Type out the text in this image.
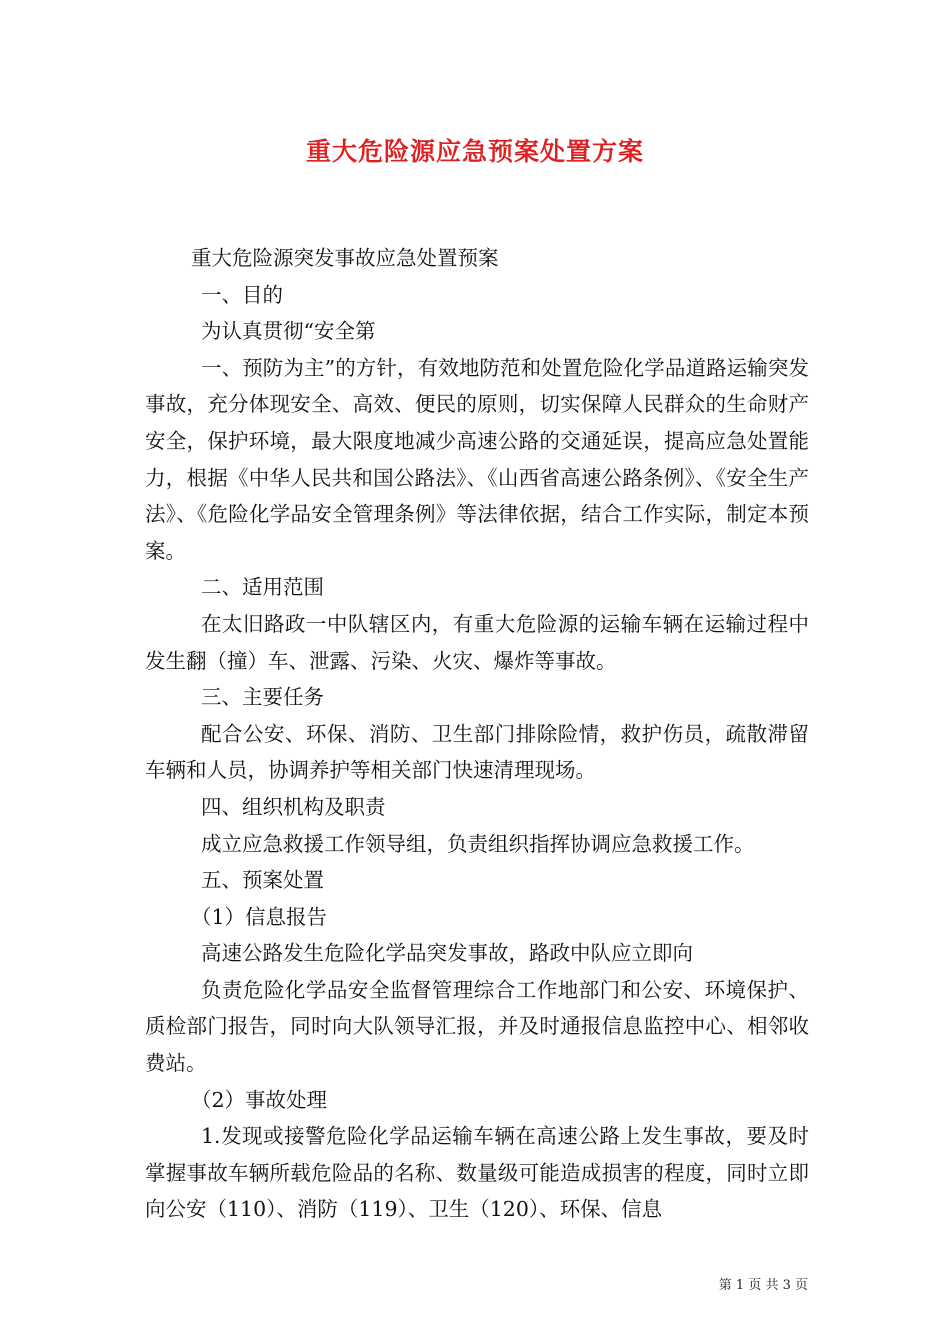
重大危险源应急预案处置方案

重大危险源突发事故应急处置预案

一、目的

为认真贯彻“安全第

一、预防为主”的方针，有效地防范和处置危险化学品道路运输突发事故，充分体现安全、高效、便民的原则，切实保障人民群众的生命财产安全，保护环境，最大限度地减少高速公路的交通延误，提高应急处置能力，根据《中华人民共和国公路法》、《山西省高速公路条例》、《安全生产法》、《危险化学品安全管理条例》等法律依据，结合工作实际，制定本预案。

二、适用范围

在太旧路政一中队辖区内，有重大危险源的运输车辆在运输过程中发生翻（撞）车、泄露、污染、火灾、爆炸等事故。

三、主要任务

配合公安、环保、消防、卫生部门排除险情，救护伤员，疏散滞留车辆和人员，协调养护等相关部门快速清理现场。

四、组织机构及职责

成立应急救援工作领导组，负责组织指挥协调应急救援工作。

五、预案处置

（1）信息报告

高速公路发生危险化学品突发事故，路政中队应立即向

负责危险化学品安全监督管理综合工作地部门和公安、环境保护、质检部门报告，同时向大队领导汇报，并及时通报信息监控中心、相邻收费站。

（2）事故处理

1.发现或接警危险化学品运输车辆在高速公路上发生事故，要及时掌握事故车辆所载危险品的名称、数量级可能造成损害的程度，同时立即向公安（110）、消防（119）、卫生（120）、环保、信息

第 1 页 共 3 页
